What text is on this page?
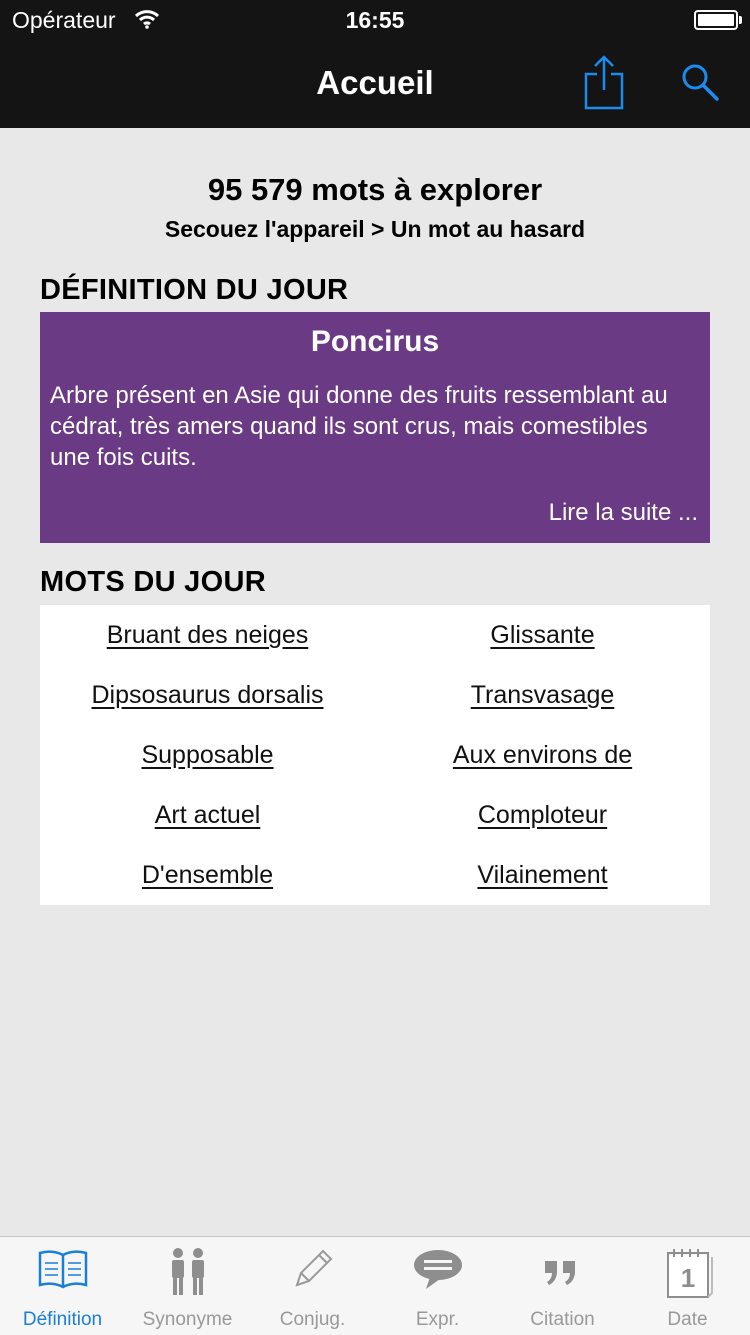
Opérateur	16:55
Accueil
95 579 mots à explorer
Secouez l'appareil > Un mot au hasard
DÉFINITION DU JOUR
Poncirus
Arbre présent en Asie qui donne des fruits ressemblant au cédrat, très amers quand ils sont crus, mais comestibles une fois cuits.
Lire la suite ...
MOTS DU JOUR
Bruant des neiges	Glissante
Dipsosaurus dorsalis	Transvasage
Supposable	Aux environs de
Art actuel	Comploteur
D'ensemble	Vilainement
Définition	Synonyme	Conjug.	Expr.	Citation
1
Date
